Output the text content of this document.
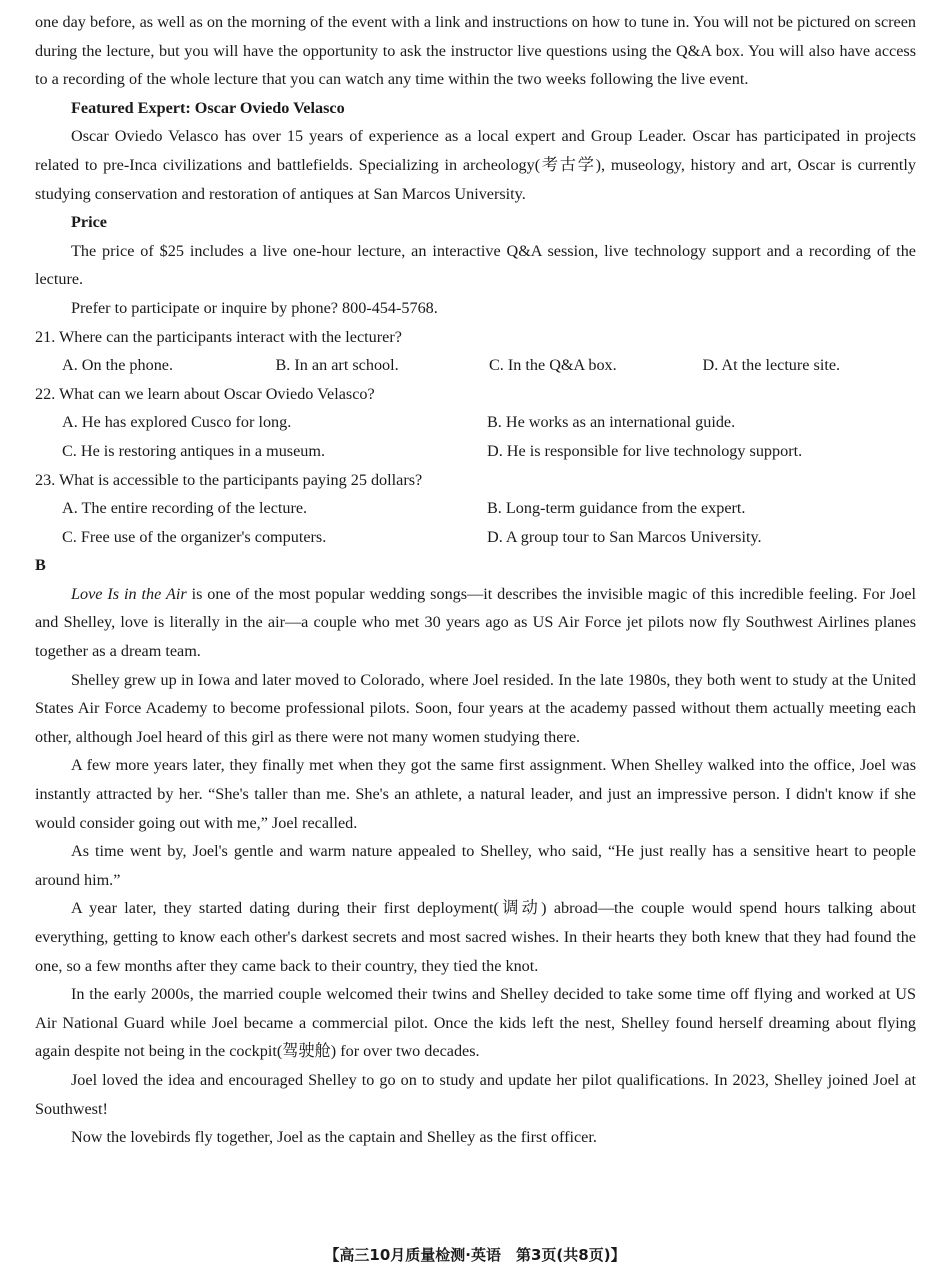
one day before, as well as on the morning of the event with a link and instructions on how to tune in. You will not be pictured on screen during the lecture, but you will have the opportunity to ask the instructor live questions using the Q&A box. You will also have access to a recording of the whole lecture that you can watch any time within the two weeks following the live event.

Featured Expert: Oscar Oviedo Velasco

Oscar Oviedo Velasco has over 15 years of experience as a local expert and Group Leader. Oscar has participated in projects related to pre-Inca civilizations and battlefields. Specializing in archeology(考古学), museology, history and art, Oscar is currently studying conservation and restoration of antiques at San Marcos University.

Price

The price of $25 includes a live one-hour lecture, an interactive Q&A session, live technology support and a recording of the lecture.

Prefer to participate or inquire by phone? 800-454-5768.

21. Where can the participants interact with the lecturer?

A. On the phone.	B. In an art school.	C. In the Q&A box.	D. At the lecture site.

22. What can we learn about Oscar Oviedo Velasco?

A. He has explored Cusco for long.	B. He works as an international guide.
C. He is restoring antiques in a museum.	D. He is responsible for live technology support.

23. What is accessible to the participants paying 25 dollars?

A. The entire recording of the lecture.	B. Long-term guidance from the expert.
C. Free use of the organizer's computers.	D. A group tour to San Marcos University.

B

Love Is in the Air is one of the most popular wedding songs—it describes the invisible magic of this incredible feeling. For Joel and Shelley, love is literally in the air—a couple who met 30 years ago as US Air Force jet pilots now fly Southwest Airlines planes together as a dream team.

Shelley grew up in Iowa and later moved to Colorado, where Joel resided. In the late 1980s, they both went to study at the United States Air Force Academy to become professional pilots. Soon, four years at the academy passed without them actually meeting each other, although Joel heard of this girl as there were not many women studying there.

A few more years later, they finally met when they got the same first assignment. When Shelley walked into the office, Joel was instantly attracted by her. “She's taller than me. She's an athlete, a natural leader, and just an impressive person. I didn't know if she would consider going out with me,” Joel recalled.

As time went by, Joel's gentle and warm nature appealed to Shelley, who said, “He just really has a sensitive heart to people around him.”

A year later, they started dating during their first deployment(调动) abroad—the couple would spend hours talking about everything, getting to know each other's darkest secrets and most sacred wishes. In their hearts they both knew that they had found the one, so a few months after they came back to their country, they tied the knot.

In the early 2000s, the married couple welcomed their twins and Shelley decided to take some time off flying and worked at US Air National Guard while Joel became a commercial pilot. Once the kids left the nest, Shelley found herself dreaming about flying again despite not being in the cockpit(驾驶舱) for over two decades.

Joel loved the idea and encouraged Shelley to go on to study and update her pilot qualifications. In 2023, Shelley joined Joel at Southwest!

Now the lovebirds fly together, Joel as the captain and Shelley as the first officer.

【高三10月质量检测·英语　第3页(共8页)】
